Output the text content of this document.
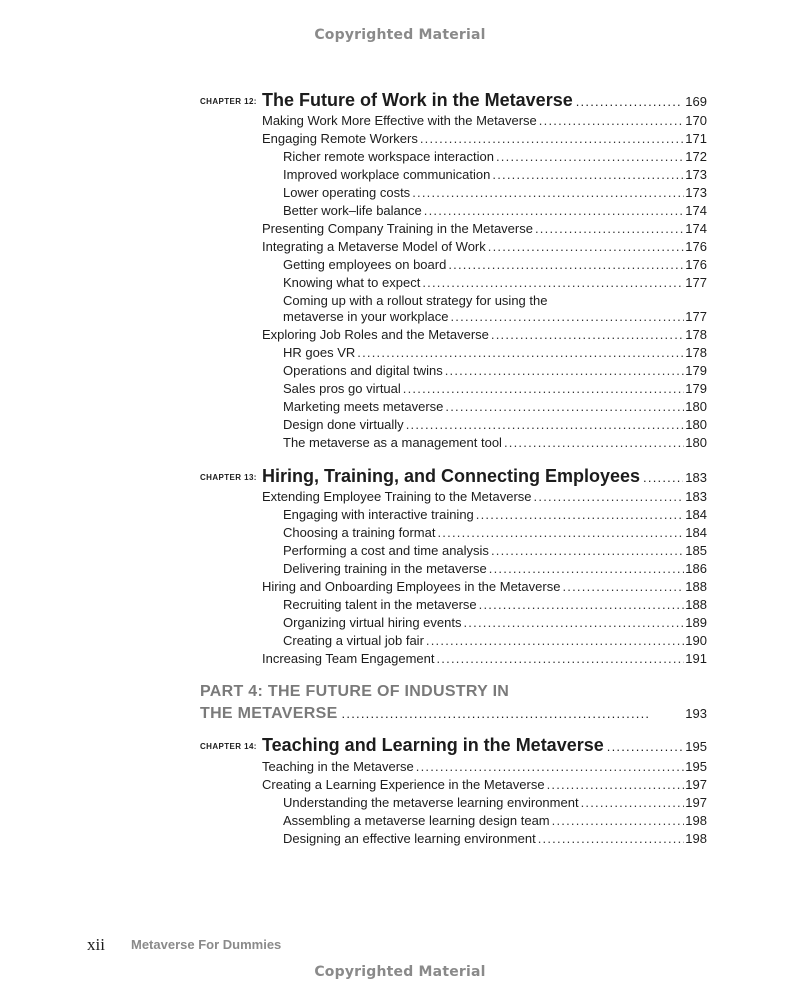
Copyrighted Material
CHAPTER 12: The Future of Work in the Metaverse . . .	169
Making Work More Effective with the Metaverse . . .	170
Engaging Remote Workers . . .	171
Richer remote workspace interaction . . .	172
Improved workplace communication . . .	173
Lower operating costs . . .	173
Better work–life balance . . .	174
Presenting Company Training in the Metaverse . . .	174
Integrating a Metaverse Model of Work . . .	176
Getting employees on board . . .	176
Knowing what to expect . . .	177
Coming up with a rollout strategy for using the
metaverse in your workplace . . .	177
Exploring Job Roles and the Metaverse . . .	178
HR goes VR . . .	178
Operations and digital twins . . .	179
Sales pros go virtual . . .	179
Marketing meets metaverse . . .	180
Design done virtually . . .	180
The metaverse as a management tool . . .	180
CHAPTER 13: Hiring, Training, and Connecting Employees . . .	183
Extending Employee Training to the Metaverse . . .	183
Engaging with interactive training . . .	184
Choosing a training format . . .	184
Performing a cost and time analysis . . .	185
Delivering training in the metaverse . . .	186
Hiring and Onboarding Employees in the Metaverse . . .	188
Recruiting talent in the metaverse . . .	188
Organizing virtual hiring events . . .	189
Creating a virtual job fair . . .	190
Increasing Team Engagement . . .	191
PART 4: THE FUTURE OF INDUSTRY IN
THE METAVERSE . . .	193
CHAPTER 14: Teaching and Learning in the Metaverse . . .	195
Teaching in the Metaverse . . .	195
Creating a Learning Experience in the Metaverse . . .	197
Understanding the metaverse learning environment . . .	197
Assembling a metaverse learning design team . . .	198
Designing an effective learning environment . . .	198
xii Metaverse For Dummies
Copyrighted Material
